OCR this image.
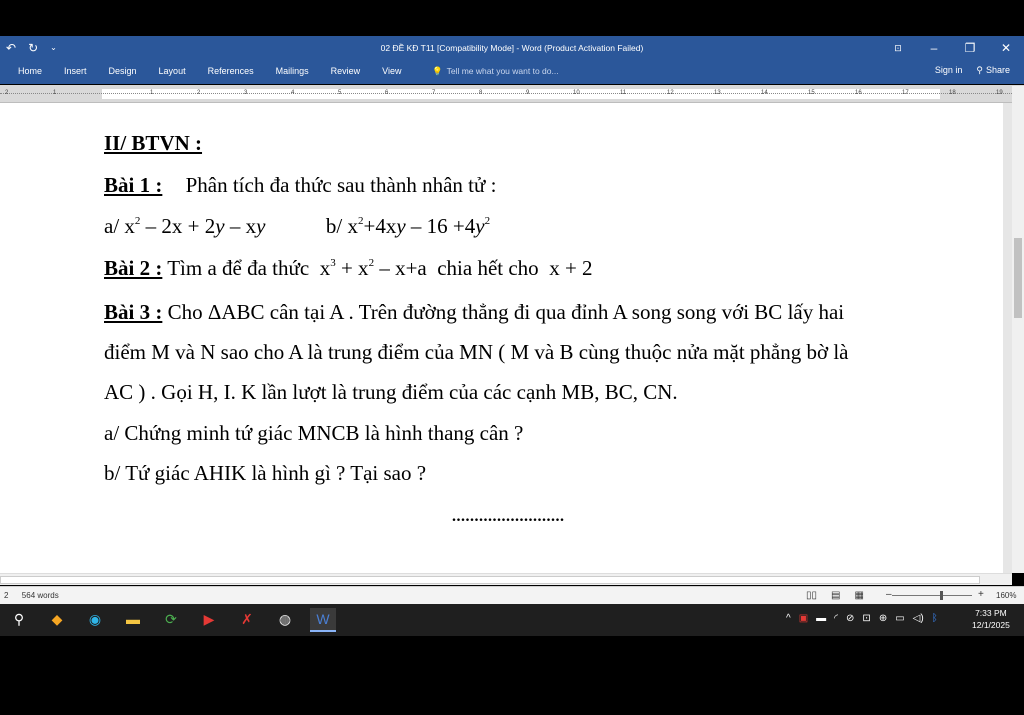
↶ ↻ ⌄	02 ĐỀ KĐ T11 [Compatibility Mode] - Word (Product Activation Failed)	⊡	–	❐	✕
Home Insert Design Layout References Mailings Review View	💡 Tell me what you want to do...	Sign in ⚲ Share
2	1	1	2	3	4	5	6	7	8	9	10	11	12	13	14	15	16	17	18	19
II/ BTVN :
Bài 1 : Phân tích đa thức sau thành nhân tử :
a/ $x^2 - 2x + 2y$ – xy	b/ $x^2+4xy - 16 +4y^2$
Bài 2 : Tìm a để đa thức  $x^3 + x^2 - x+a$  chia hết cho  x + 2
Bài 3 : Cho ΔABC cân tại A . Trên đường thẳng đi qua đỉnh A song song với BC lấy hai
điểm M và N sao cho A là trung điểm của MN ( M và B cùng thuộc nửa mặt phẳng bờ là
AC ) . Gọi H, I. K lần lượt là trung điểm của các cạnh MB, BC, CN.
a/ Chứng minh tứ giác MNCB là hình thang cân ?
b/ Tứ giác AHIK là hình gì ? Tại sao ?
.........................
2 564 words	▯▯ ▤ ▦ –	+ 160%
⚲	◆	◉	▬	⟳	▶	✗	◍	W	^ ▣ ▬ ◜ ⊘ ⊡ ⊕ ▭ ◁) ᛒ	7:33 PM
12/1/2025
